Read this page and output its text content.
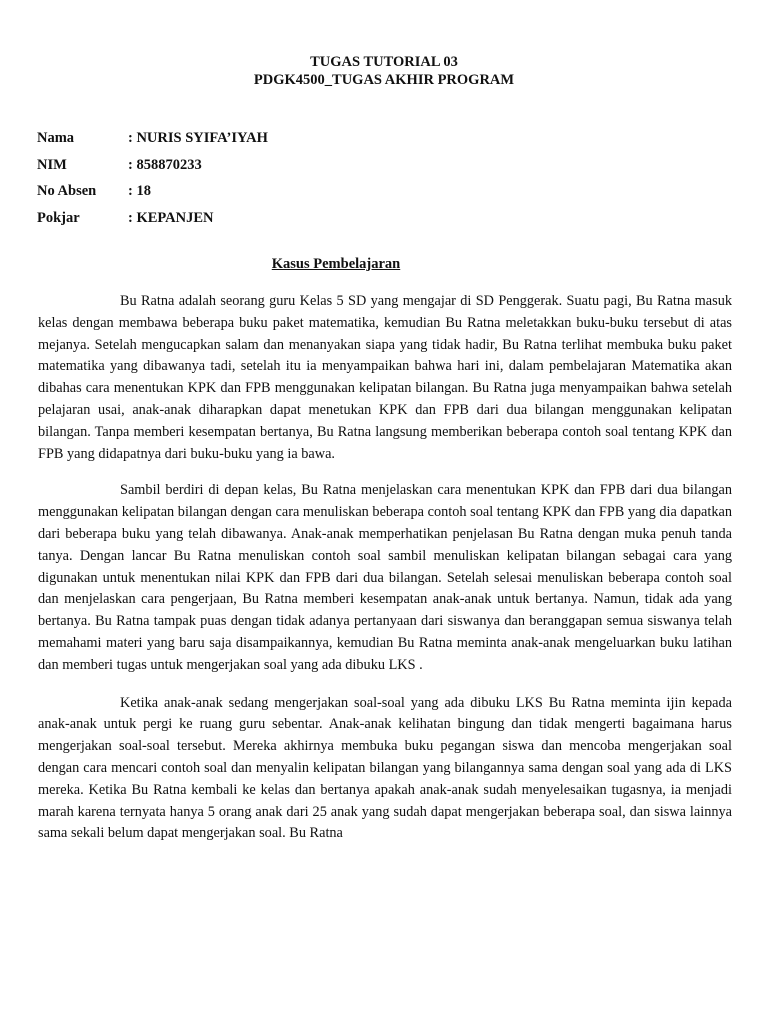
TUGAS TUTORIAL 03
PDGK4500_TUGAS AKHIR PROGRAM
Nama	: NURIS SYIFA’IYAH
NIM	: 858870233
No Absen : 18
Pokjar	: KEPANJEN
Kasus Pembelajaran

Bu Ratna adalah seorang guru Kelas 5 SD yang mengajar di SD Penggerak. Suatu pagi, Bu Ratna masuk kelas dengan membawa beberapa buku paket matematika, kemudian Bu Ratna meletakkan buku-buku tersebut di atas mejanya. Setelah mengucapkan salam dan menanyakan siapa yang tidak hadir, Bu Ratna terlihat membuka buku paket matematika yang dibawanya tadi, setelah itu ia menyampaikan bahwa hari ini, dalam pembelajaran Matematika akan dibahas cara menentukan KPK dan FPB menggunakan kelipatan bilangan. Bu Ratna juga menyampaikan bahwa setelah pelajaran usai, anak-anak diharapkan dapat menetukan KPK dan FPB dari dua bilangan menggunakan kelipatan bilangan. Tanpa memberi kesempatan bertanya, Bu Ratna langsung memberikan beberapa contoh soal tentang KPK dan FPB yang didapatnya dari buku-buku yang ia bawa.

Sambil berdiri di depan kelas, Bu Ratna menjelaskan cara menentukan KPK dan FPB dari dua bilangan menggunakan kelipatan bilangan dengan cara menuliskan beberapa contoh soal tentang KPK dan FPB yang dia dapatkan dari beberapa buku yang telah dibawanya. Anak-anak memperhatikan penjelasan Bu Ratna dengan muka penuh tanda tanya. Dengan lancar Bu Ratna menuliskan contoh soal sambil menuliskan kelipatan bilangan sebagai cara yang digunakan untuk menentukan nilai KPK dan FPB dari dua bilangan. Setelah selesai menuliskan beberapa contoh soal dan menjelaskan cara pengerjaan, Bu Ratna memberi kesempatan anak-anak untuk bertanya. Namun, tidak ada yang bertanya. Bu Ratna tampak puas dengan tidak adanya pertanyaan dari siswanya dan beranggapan semua siswanya telah memahami materi yang baru saja disampaikannya, kemudian Bu Ratna meminta anak-anak mengeluarkan buku latihan dan memberi tugas untuk mengerjakan soal yang ada dibuku LKS .

Ketika anak-anak sedang mengerjakan soal-soal yang ada dibuku LKS Bu Ratna meminta ijin kepada anak-anak untuk pergi ke ruang guru sebentar. Anak-anak kelihatan bingung dan tidak mengerti bagaimana harus mengerjakan soal-soal tersebut. Mereka akhirnya membuka buku pegangan siswa dan mencoba mengerjakan soal dengan cara mencari contoh soal dan menyalin kelipatan bilangan yang bilangannya sama dengan soal yang ada di LKS mereka. Ketika Bu Ratna kembali ke kelas dan bertanya apakah anak-anak sudah menyelesaikan tugasnya, ia menjadi marah karena ternyata hanya 5 orang anak dari 25 anak yang sudah dapat mengerjakan beberapa soal, dan siswa lainnya sama sekali belum dapat mengerjakan soal. Bu Ratna
